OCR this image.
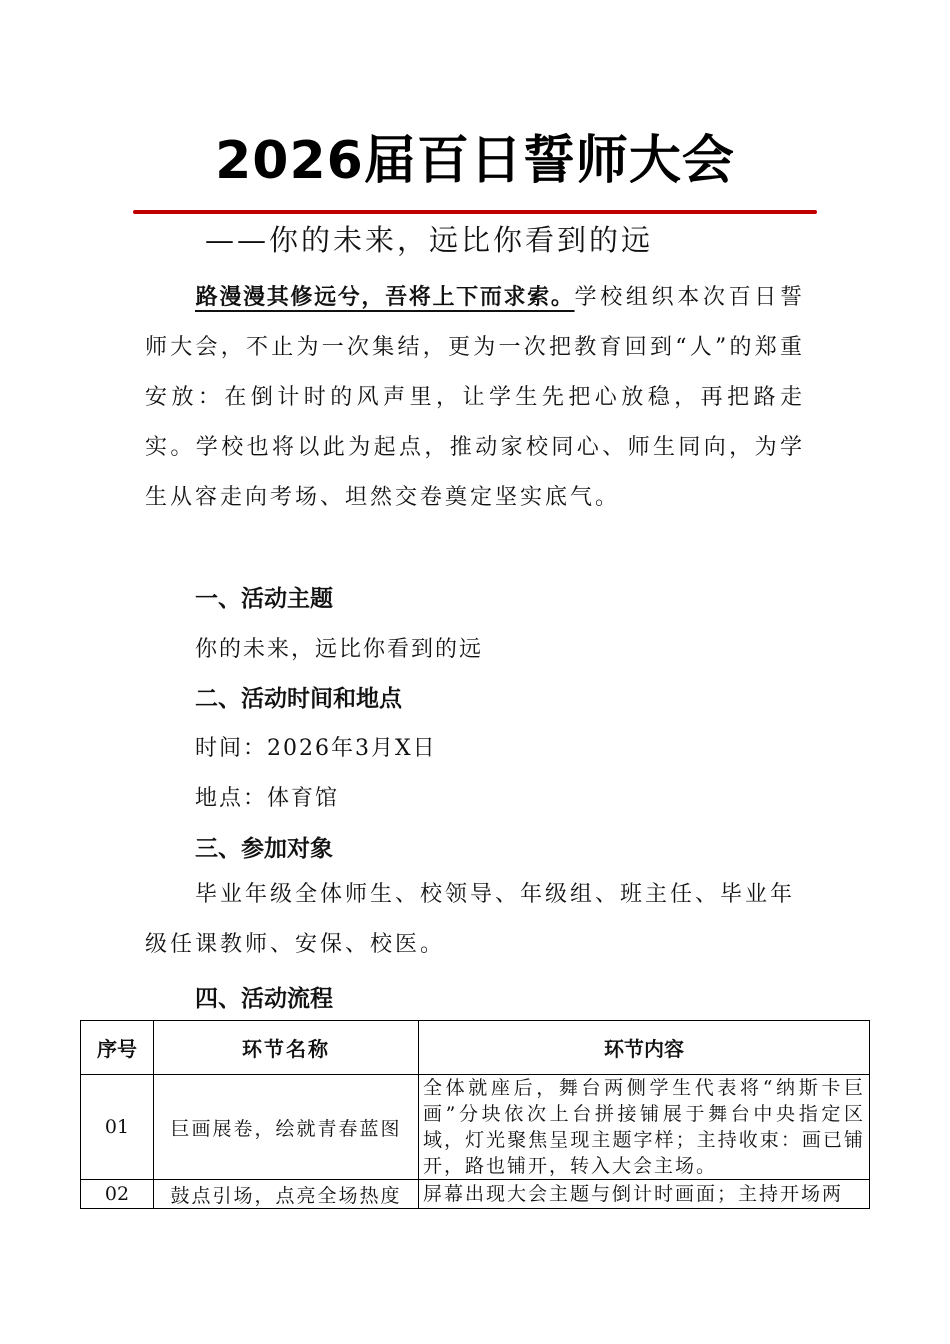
2026届百日誓师大会
——你的未来，远比你看到的远
路漫漫其修远兮，吾将上下而求索。学校组织本次百日誓师大会，不止为一次集结，更为一次把教育回到“人”的郑重安放：在倒计时的风声里，让学生先把心放稳，再把路走实。学校也将以此为起点，推动家校同心、师生同向，为学生从容走向考场、坦然交卷奠定坚实底气。
一、活动主题
你的未来，远比你看到的远
二、活动时间和地点
时间：2026年3月X日
地点：体育馆
三、参加对象
毕业年级全体师生、校领导、年级组、班主任、毕业年级任课教师、安保、校医。
四、活动流程
序号	环节名称	环节内容
01	巨画展卷，绘就青春蓝图	全体就座后，舞台两侧学生代表将“纳斯卡巨画”分块依次上台拼接铺展于舞台中央指定区域，灯光聚焦呈现主题字样；主持收束：画已铺开，路也铺开，转入大会主场。
02	鼓点引场，点亮全场热度	屏幕出现大会主题与倒计时画面；主持开场两
